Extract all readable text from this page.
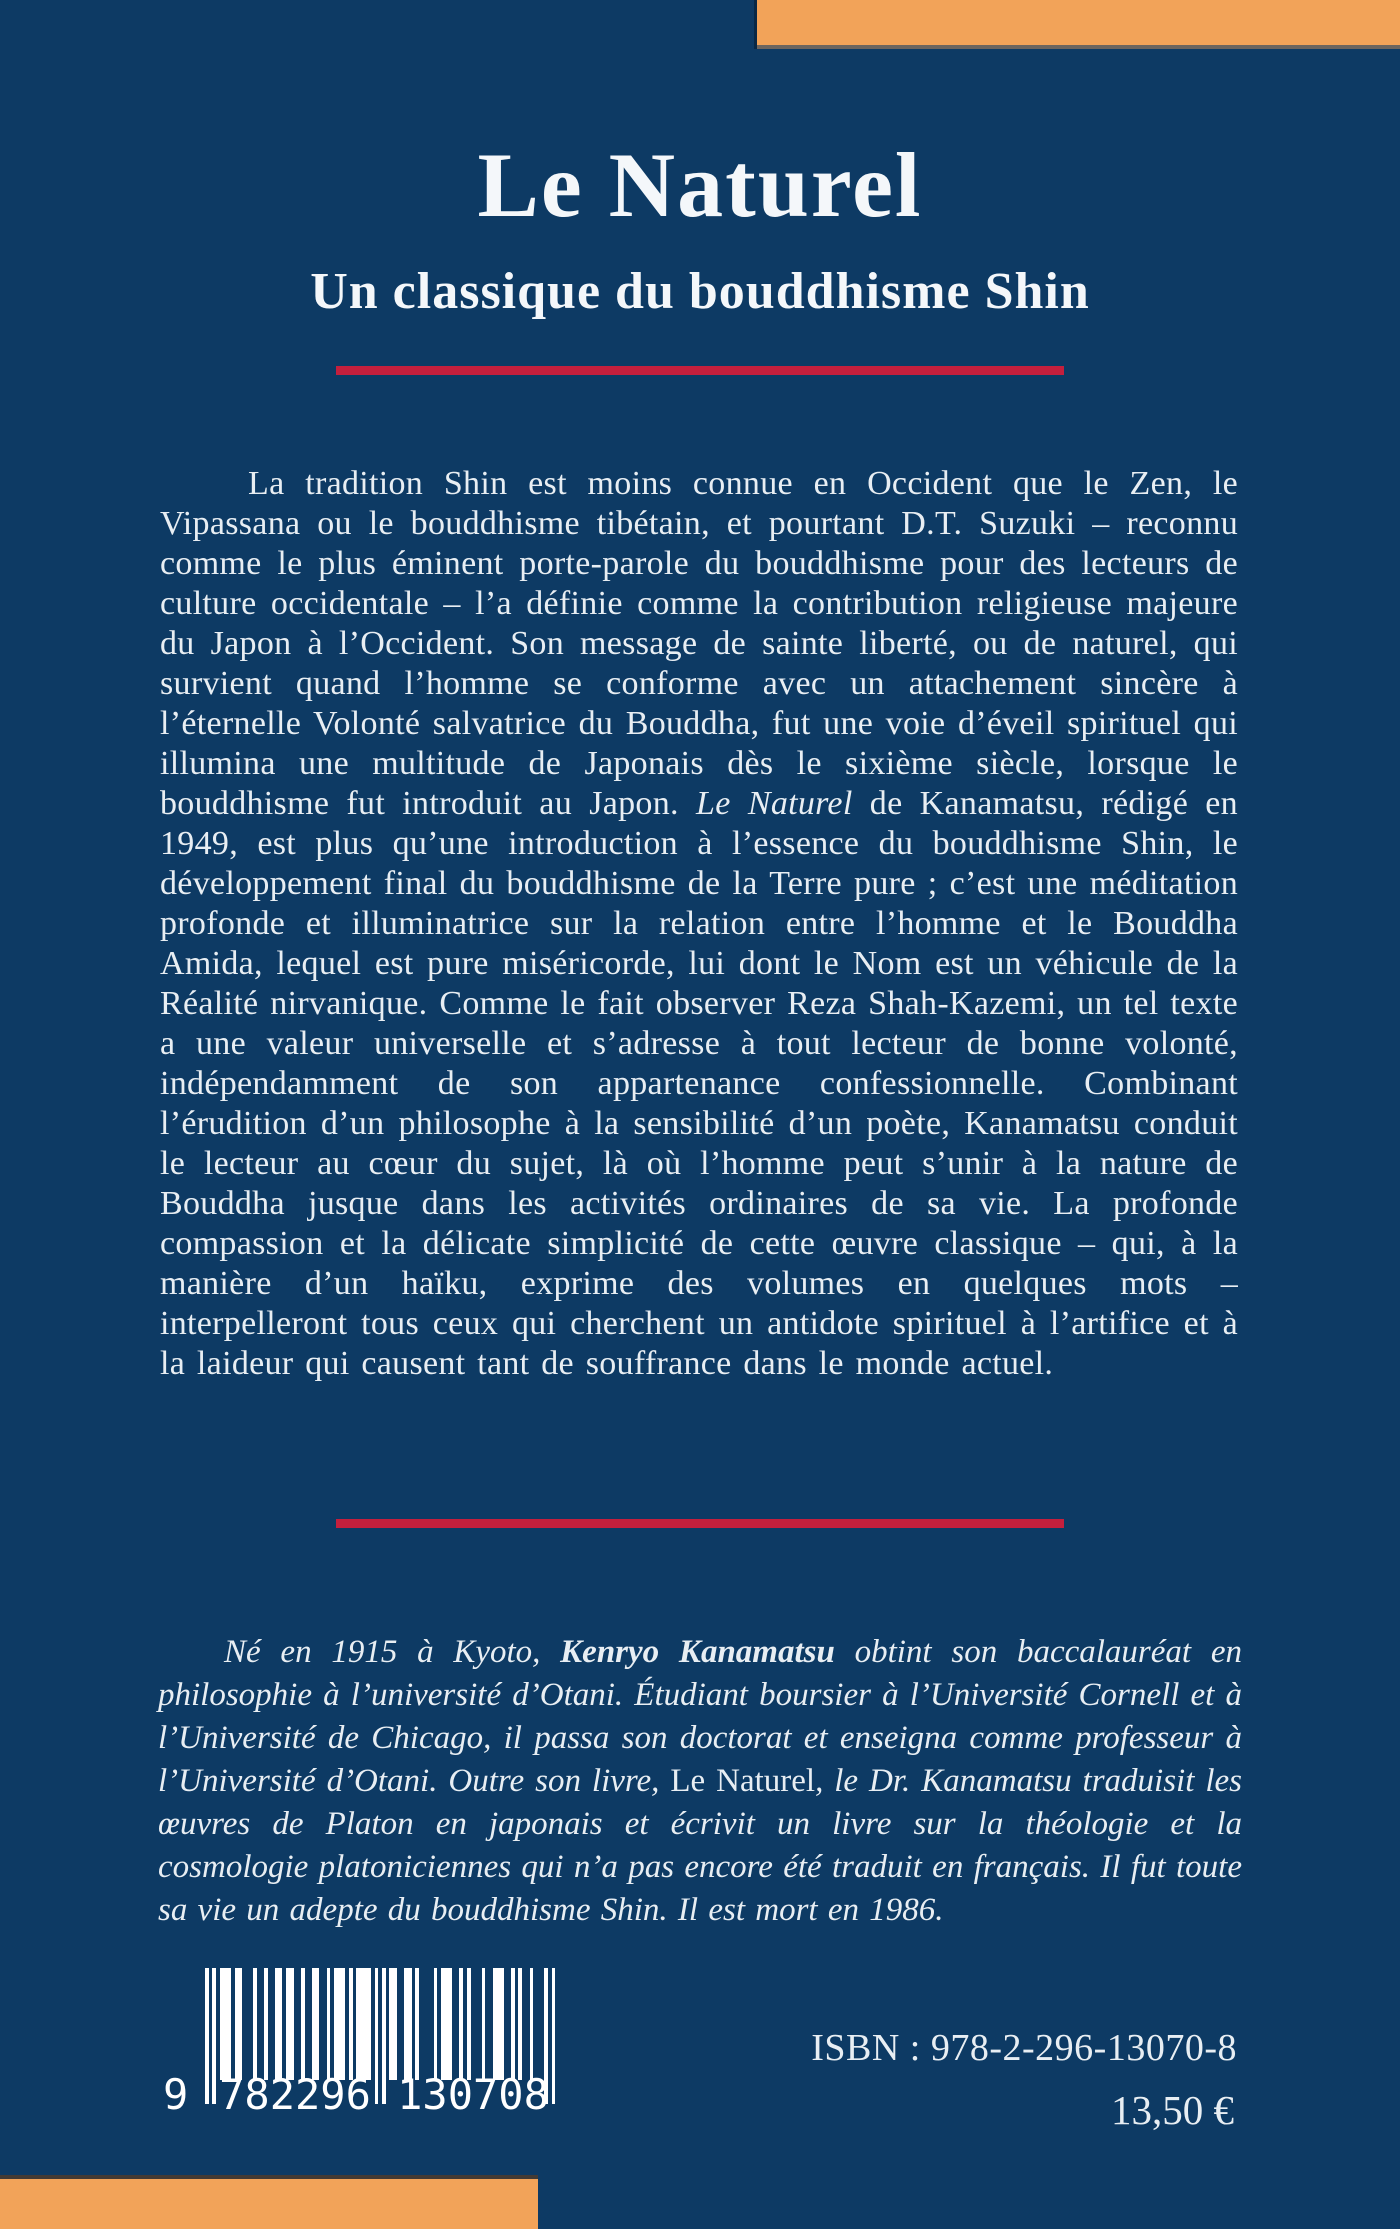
Le Naturel
Un classique du bouddhisme Shin

La tradition Shin est moins connue en Occident que le Zen, le Vipassana ou le bouddhisme tibétain, et pourtant D.T. Suzuki – reconnu comme le plus éminent porte-parole du bouddhisme pour des lecteurs de culture occidentale – l’a définie comme la contribution religieuse majeure du Japon à l’Occident. Son message de sainte liberté, ou de naturel, qui survient quand l’homme se conforme avec un attachement sincère à l’éternelle Volonté salvatrice du Bouddha, fut une voie d’éveil spirituel qui illumina une multitude de Japonais dès le sixième siècle, lorsque le bouddhisme fut introduit au Japon. Le Naturel de Kanamatsu, rédigé en 1949, est plus qu’une introduction à l’essence du bouddhisme Shin, le développement final du bouddhisme de la Terre pure ; c’est une méditation profonde et illuminatrice sur la relation entre l’homme et le Bouddha Amida, lequel est pure miséricorde, lui dont le Nom est un véhicule de la Réalité nirvanique. Comme le fait observer Reza Shah-Kazemi, un tel texte a une valeur universelle et s’adresse à tout lecteur de bonne volonté, indépendamment de son appartenance confessionnelle. Combinant l’érudition d’un philosophe à la sensibilité d’un poète, Kanamatsu conduit le lecteur au cœur du sujet, là où l’homme peut s’unir à la nature de Bouddha jusque dans les activités ordinaires de sa vie. La profonde compassion et la délicate simplicité de cette œuvre classique – qui, à la manière d’un haïku, exprime des volumes en quelques mots – interpelleront tous ceux qui cherchent un antidote spirituel à l’artifice et à la laideur qui causent tant de souffrance dans le monde actuel.

Né en 1915 à Kyoto, Kenryo Kanamatsu obtint son baccalauréat en philosophie à l’université d’Otani. Étudiant boursier à l’Université Cornell et à l’Université de Chicago, il passa son doctorat et enseigna comme professeur à l’Université d’Otani. Outre son livre, Le Naturel, le Dr. Kanamatsu traduisit les œuvres de Platon en japonais et écrivit un livre sur la théologie et la cosmologie platoniciennes qui n’a pas encore été traduit en français. Il fut toute sa vie un adepte du bouddhisme Shin. Il est mort en 1986.

9 782296 130708
ISBN : 978-2-296-13070-8
13,50 €
